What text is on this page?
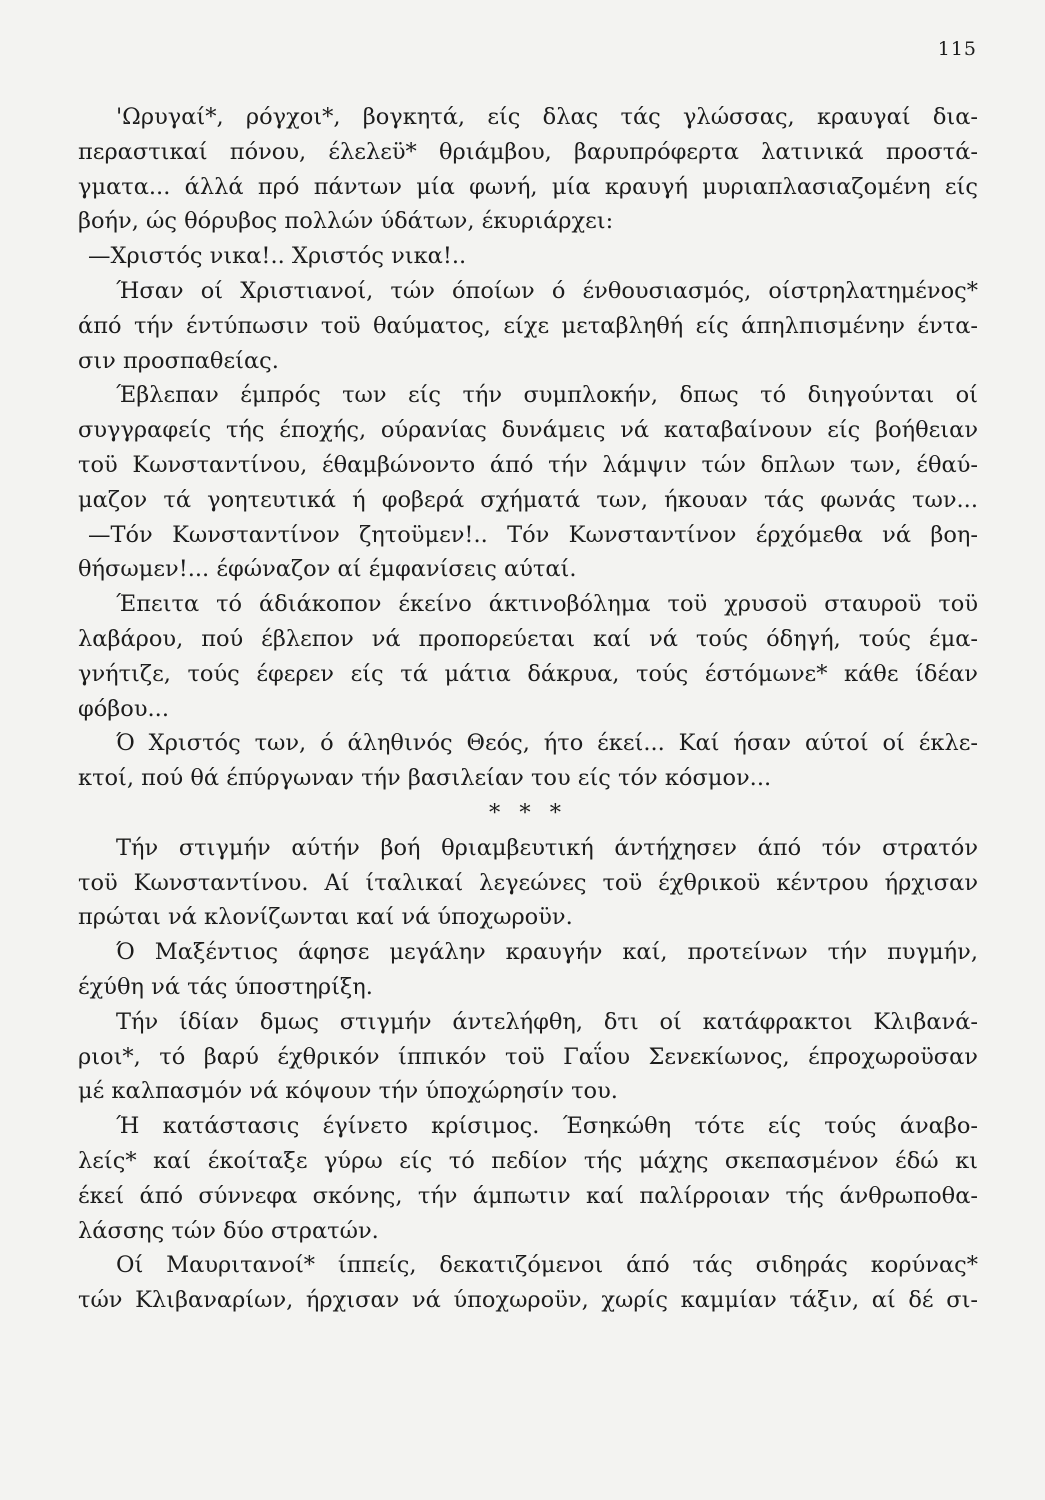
115
'Ωρυγαί*, ρόγχοι*, βογκητά, είς δλας τάς γλώσσας, κραυγαί δια-
περαστικαί πόνου, έλελεϋ* θριάμβου, βαρυπρόφερτα λατινικά προστά-
γματα... άλλά πρό πάντων μία φωνή, μία κραυγή μυριαπλασιαζομένη είς
βοήν, ώς θόρυβος πολλών ύδάτων, έκυριάρχει:
—Χριστός νικα!.. Χριστός νικα!..
Ήσαν οί Χριστιανοί, τών όποίων ό ένθουσιασμός, οίστρηλατημένος*
άπό τήν έντύπωσιν τοϋ θαύματος, είχε μεταβληθή είς άπηλπισμένην έντα-
σιν προσπαθείας.
Έβλεπαν έμπρός των είς τήν συμπλοκήν, δπως τό διηγούνται οί
συγγραφείς τής έποχής, ούρανίας δυνάμεις νά καταβαίνουν είς βοήθειαν
τοϋ Κωνσταντίνου, έθαμβώνοντο άπό τήν λάμψιν τών δπλων των, έθαύ-
μαζον τά γοητευτικά ή φοβερά σχήματά των, ήκουαν τάς φωνάς των...
—Τόν Κωνσταντίνον ζητοϋμεν!.. Τόν Κωνσταντίνον έρχόμεθα νά βοη-
θήσωμεν!... έφώναζον αί έμφανίσεις αύταί.
Έπειτα τό άδιάκοπον έκείνο άκτινοβόλημα τοϋ χρυσοϋ σταυροϋ τοϋ
λαβάρου, πού έβλεπον νά προπορεύεται καί νά τούς όδηγή, τούς έμα-
γνήτιζε, τούς έφερεν είς τά μάτια δάκρυα, τούς έστόμωνε* κάθε ίδέαν
φόβου...
Ό Χριστός των, ό άληθινός Θεός, ήτο έκεί... Καί ήσαν αύτοί οί έκλε-
κτοί, πού θά έπύργωναν τήν βασιλείαν του είς τόν κόσμον...
* * *
Τήν στιγμήν αύτήν βοή θριαμβευτική άντήχησεν άπό τόν στρατόν
τοϋ Κωνσταντίνου. Αί ίταλικαί λεγεώνες τοϋ έχθρικοϋ κέντρου ήρχισαν
πρώται νά κλονίζωνται καί νά ύποχωροϋν.
Ό Μαξέντιος άφησε μεγάλην κραυγήν καί, προτείνων τήν πυγμήν,
έχύθη νά τάς ύποστηρίξη.
Τήν ίδίαν δμως στιγμήν άντελήφθη, δτι οί κατάφρακτοι Κλιβανά-
ριοι*, τό βαρύ έχθρικόν ίππικόν τοϋ Γαΐου Σενεκίωνος, έπροχωροϋσαν
μέ καλπασμόν νά κόψουν τήν ύποχώρησίν του.
Ή κατάστασις έγίνετο κρίσιμος. Έσηκώθη τότε είς τούς άναβο-
λείς* καί έκοίταξε γύρω είς τό πεδίον τής μάχης σκεπασμένον έδώ κι
έκεί άπό σύννεφα σκόνης, τήν άμπωτιν καί παλίρροιαν τής άνθρωποθα-
λάσσης τών δύο στρατών.
Οί Μαυριτανοί* ίππείς, δεκατιζόμενοι άπό τάς σιδηράς κορύνας*
τών Κλιβαναρίων, ήρχισαν νά ύποχωροϋν, χωρίς καμμίαν τάξιν, αί δέ σι-
